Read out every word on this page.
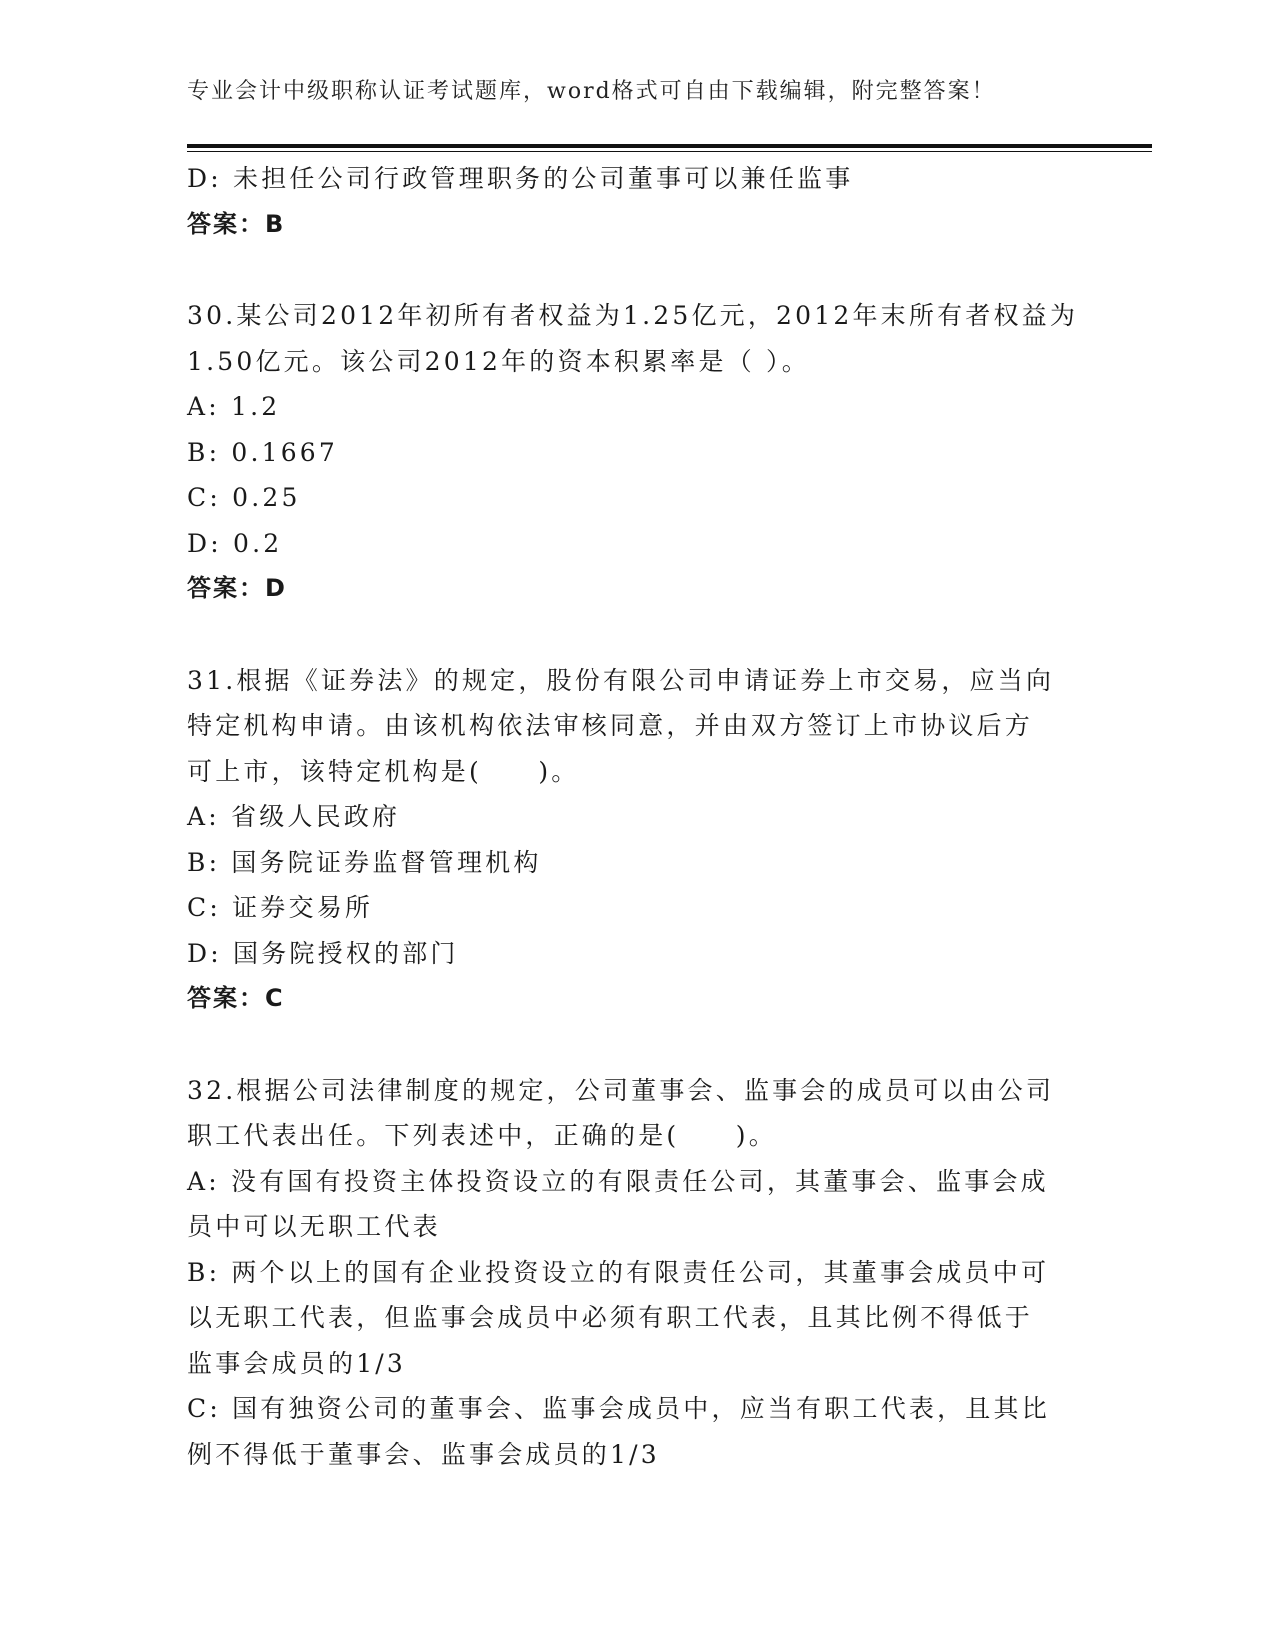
专业会计中级职称认证考试题库，word格式可自由下载编辑，附完整答案！
D: 未担任公司行政管理职务的公司董事可以兼任监事
答案：B
30.某公司2012年初所有者权益为1.25亿元，2012年末所有者权益为
1.50亿元。该公司2012年的资本积累率是（ ）。
A: 1.2
B: 0.1667
C: 0.25
D: 0.2
答案：D
31.根据《证券法》的规定，股份有限公司申请证券上市交易，应当向
特定机构申请。由该机构依法审核同意，并由双方签订上市协议后方
可上市，该特定机构是(　　)。
A: 省级人民政府
B: 国务院证券监督管理机构
C: 证券交易所
D: 国务院授权的部门
答案：C
32.根据公司法律制度的规定，公司董事会、监事会的成员可以由公司
职工代表出任。下列表述中，正确的是(　　)。
A: 没有国有投资主体投资设立的有限责任公司，其董事会、监事会成
员中可以无职工代表
B: 两个以上的国有企业投资设立的有限责任公司，其董事会成员中可
以无职工代表，但监事会成员中必须有职工代表，且其比例不得低于
监事会成员的1/3
C: 国有独资公司的董事会、监事会成员中，应当有职工代表，且其比
例不得低于董事会、监事会成员的1/3
